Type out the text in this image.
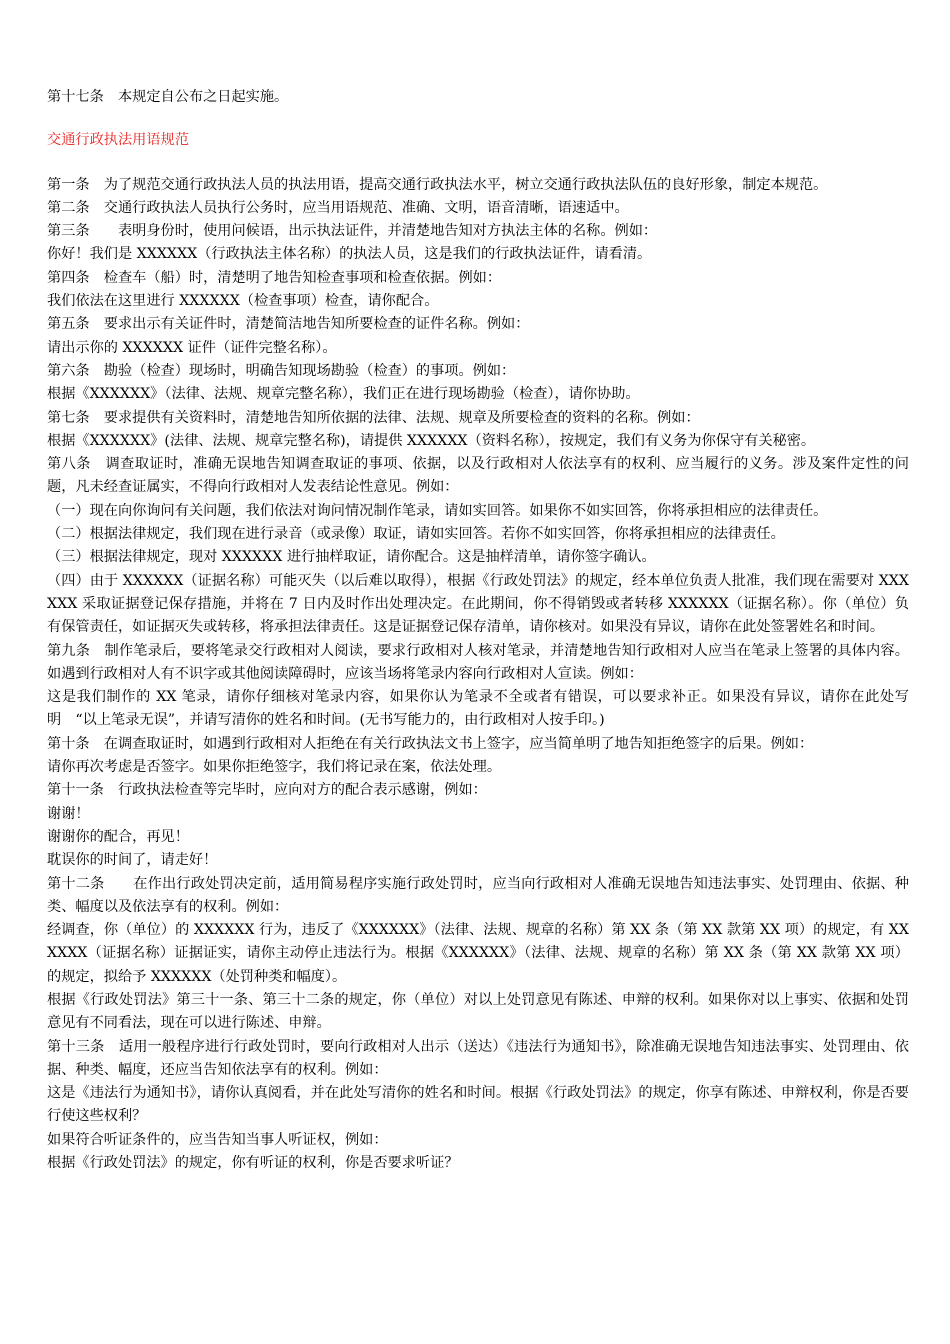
第十七条　本规定自公布之日起实施。

交通行政执法用语规范

第一条　为了规范交通行政执法人员的执法用语，提高交通行政执法水平，树立交通行政执法队伍的良好形象，制定本规范。

第二条　交通行政执法人员执行公务时，应当用语规范、准确、文明，语音清晰，语速适中。

第三条　　表明身份时，使用问候语，出示执法证件，并清楚地告知对方执法主体的名称。例如：

你好！我们是 XXXXXX（行政执法主体名称）的执法人员，这是我们的行政执法证件，请看清。

第四条　检查车（船）时，清楚明了地告知检查事项和检查依据。例如：

我们依法在这里进行 XXXXXX（检查事项）检查，请你配合。

第五条　要求出示有关证件时，清楚简洁地告知所要检查的证件名称。例如：

请出示你的 XXXXXX 证件（证件完整名称）。

第六条　勘验（检查）现场时，明确告知现场勘验（检查）的事项。例如：

根据《XXXXXX》（法律、法规、规章完整名称），我们正在进行现场勘验（检查），请你协助。

第七条　要求提供有关资料时，清楚地告知所依据的法律、法规、规章及所要检查的资料的名称。例如：

根据《XXXXXX》(法律、法规、规章完整名称)，请提供 XXXXXX（资料名称），按规定，我们有义务为你保守有关秘密。

第八条　调查取证时，准确无误地告知调查取证的事项、依据，以及行政相对人依法享有的权利、应当履行的义务。涉及案件定性的问题，凡未经查证属实，不得向行政相对人发表结论性意见。例如：

（一）现在向你询问有关问题，我们依法对询问情况制作笔录，请如实回答。如果你不如实回答，你将承担相应的法律责任。

（二）根据法律规定，我们现在进行录音（或录像）取证，请如实回答。若你不如实回答，你将承担相应的法律责任。

（三）根据法律规定，现对 XXXXXX 进行抽样取证，请你配合。这是抽样清单，请你签字确认。

（四）由于 XXXXXX（证据名称）可能灭失（以后难以取得），根据《行政处罚法》的规定，经本单位负责人批准，我们现在需要对 XXXXXX 采取证据登记保存措施，并将在 7 日内及时作出处理决定。在此期间，你不得销毁或者转移 XXXXXX（证据名称）。你（单位）负有保管责任，如证据灭失或转移，将承担法律责任。这是证据登记保存清单，请你核对。如果没有异议，请你在此处签署姓名和时间。

第九条　制作笔录后，要将笔录交行政相对人阅读，要求行政相对人核对笔录，并清楚地告知行政相对人应当在笔录上签署的具体内容。如遇到行政相对人有不识字或其他阅读障碍时，应该当场将笔录内容向行政相对人宣读。例如：

这是我们制作的 XX 笔录，请你仔细核对笔录内容，如果你认为笔录不全或者有错误，可以要求补正。如果没有异议，请你在此处写明　“以上笔录无误”，并请写清你的姓名和时间。(无书写能力的，由行政相对人按手印。)

第十条　在调查取证时，如遇到行政相对人拒绝在有关行政执法文书上签字，应当简单明了地告知拒绝签字的后果。例如：

请你再次考虑是否签字。如果你拒绝签字，我们将记录在案，依法处理。

第十一条　行政执法检查等完毕时，应向对方的配合表示感谢，例如：

谢谢！

谢谢你的配合，再见！

耽误你的时间了，请走好！

第十二条　　在作出行政处罚决定前，适用简易程序实施行政处罚时，应当向行政相对人准确无误地告知违法事实、处罚理由、依据、种类、幅度以及依法享有的权利。例如：

经调查，你（单位）的 XXXXXX 行为，违反了《XXXXXX》（法律、法规、规章的名称）第 XX 条（第 XX 款第 XX 项）的规定，有 XXXXXX（证据名称）证据证实，请你主动停止违法行为。根据《XXXXXX》（法律、法规、规章的名称）第 XX 条（第 XX 款第 XX 项）的规定，拟给予 XXXXXX（处罚种类和幅度）。

根据《行政处罚法》第三十一条、第三十二条的规定，你（单位）对以上处罚意见有陈述、申辩的权利。如果你对以上事实、依据和处罚意见有不同看法，现在可以进行陈述、申辩。

第十三条　适用一般程序进行行政处罚时，要向行政相对人出示（送达）《违法行为通知书》，除准确无误地告知违法事实、处罚理由、依据、种类、幅度，还应当告知依法享有的权利。例如：

这是《违法行为通知书》，请你认真阅看，并在此处写清你的姓名和时间。根据《行政处罚法》的规定，你享有陈述、申辩权利，你是否要行使这些权利？

如果符合听证条件的，应当告知当事人听证权，例如：

根据《行政处罚法》的规定，你有听证的权利，你是否要求听证？
